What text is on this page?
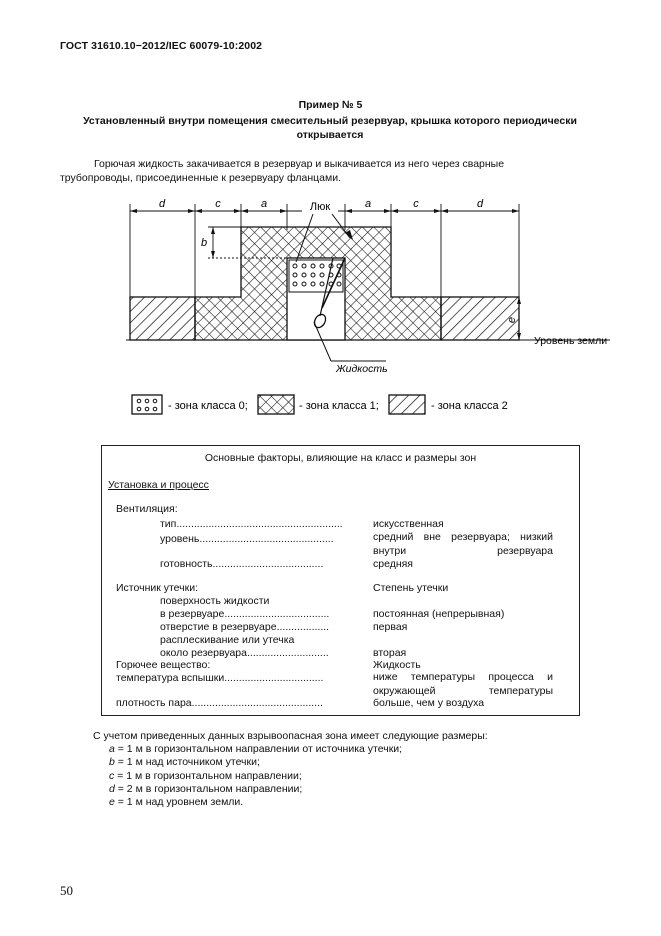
ГОСТ 31610.10−2012/IEC 60079-10:2002
Пример № 5
Установленный внутри помещения смесительный резервуар, крышка которого периодически открывается
Горючая жидкость закачивается в резервуар и выкачивается из него через сварные трубопроводы, присоединенные к резервуару фланцами.
d	c	a	a	c	d
b
e
Люк
Жидкость
Уровень земли
- зона класса 0;	- зона класса 1;	- зона класса 2
Основные факторы, влияющие на класс и размеры зон
Установка и процесс
Вентиляция:
тип.........................................................	искусственная
уровень..............................................	средний вне резервуара; низкий внутри резервуара
готовность......................................	средняя
Источник утечки:	Степень утечки
поверхность жидкости
в резервуаре....................................	постоянная (непрерывная)
отверстие в резервуаре..................	первая
расплескивание или утечка
около резервуара............................	вторая
Горючее вещество:	Жидкость
температура вспышки..................................	ниже температуры процесса и окружающей температуры
плотность пара.............................................	больше, чем у воздуха
С учетом приведенных данных взрывоопасная зона имеет следующие размеры:
a = 1 м в горизонтальном направлении от источника утечки;
b = 1 м над источником утечки;
c = 1 м в горизонтальном направлении;
d = 2 м в горизонтальном направлении;
e = 1 м над уровнем земли.
50
